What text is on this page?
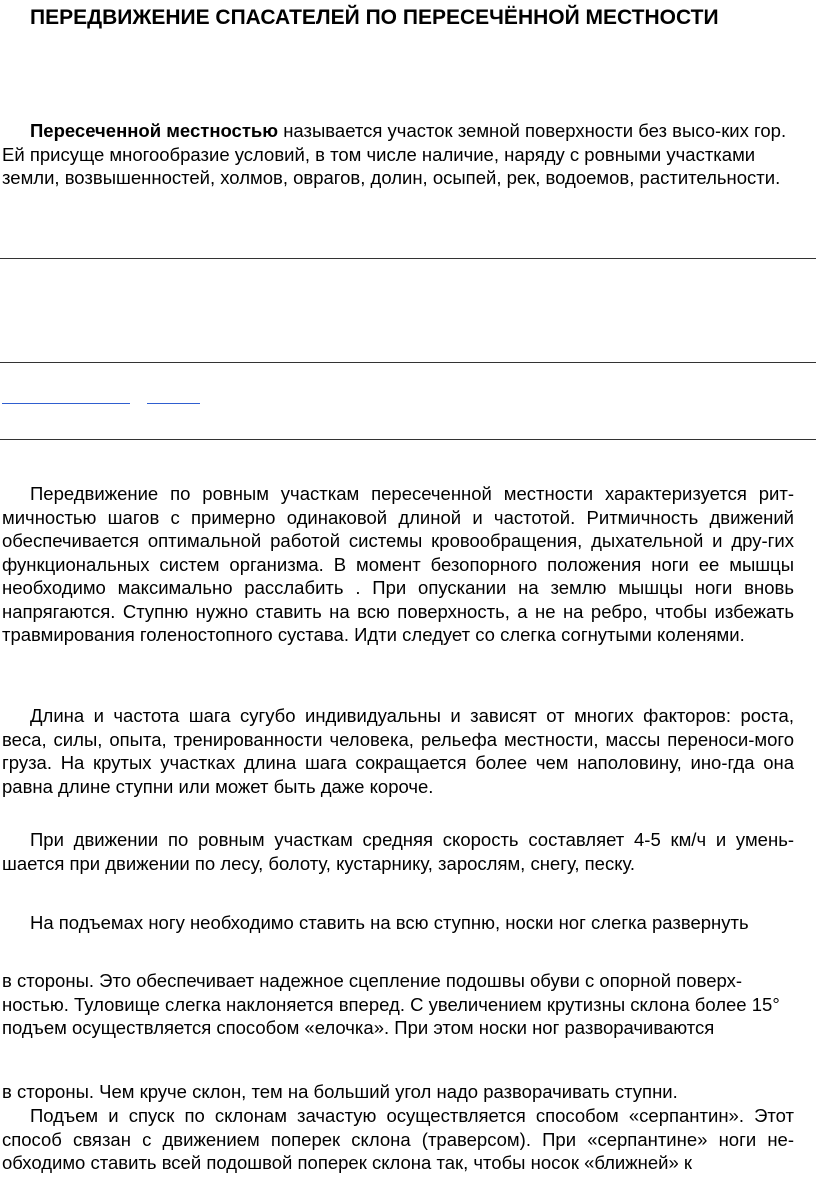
ПЕРЕДВИЖЕНИЕ СПАСАТЕЛЕЙ ПО ПЕРЕСЕЧЁННОЙ МЕСТНОСТИ

Пересеченной местностью называется участок земной поверхности без высо-ких гор. Ей присуще многообразие условий, в том числе наличие, наряду с ровными участками земли, возвышенностей, холмов, оврагов, долин, осыпей, рек, водоемов, растительности.

Передвижение по ровным участкам пересеченной местности характеризуется рит-мичностью шагов с примерно одинаковой длиной и частотой. Ритмичность движений обеспечивается оптимальной работой системы кровообращения, дыхательной и дру-гих функциональных систем организма. В момент безопорного положения ноги ее мышцы необходимо максимально расслабить . При опускании на землю мышцы ноги вновь напрягаются. Ступню нужно ставить на всю поверхность, а не на ребро, чтобы избежать травмирования голеностопного сустава. Идти следует со слегка согнутыми коленями.

Длина и частота шага сугубо индивидуальны и зависят от многих факторов: роста, веса, силы, опыта, тренированности человека, рельефа местности, массы переноси-мого груза. На крутых участках длина шага сокращается более чем наполовину, ино-гда она равна длине ступни или может быть даже короче.

При движении по ровным участкам средняя скорость составляет 4-5 км/ч и умень-шается при движении по лесу, болоту, кустарнику, зарослям, снегу, песку.

На подъемах ногу необходимо ставить на всю ступню, носки ног слегка развернуть

в стороны. Это обеспечивает надежное сцепление подошвы обуви с опорной поверх-ностью. Туловище слегка наклоняется вперед. С увеличением крутизны склона более 15° подъем осуществляется способом «елочка». При этом носки ног разворачиваются

в стороны. Чем круче склон, тем на больший угол надо разворачивать ступни.

Подъем и спуск по склонам зачастую осуществляется способом «серпантин». Этот способ связан с движением поперек склона (траверсом). При «серпантине» ноги не-обходимо ставить всей подошвой поперек склона так, чтобы носок «ближней» к
